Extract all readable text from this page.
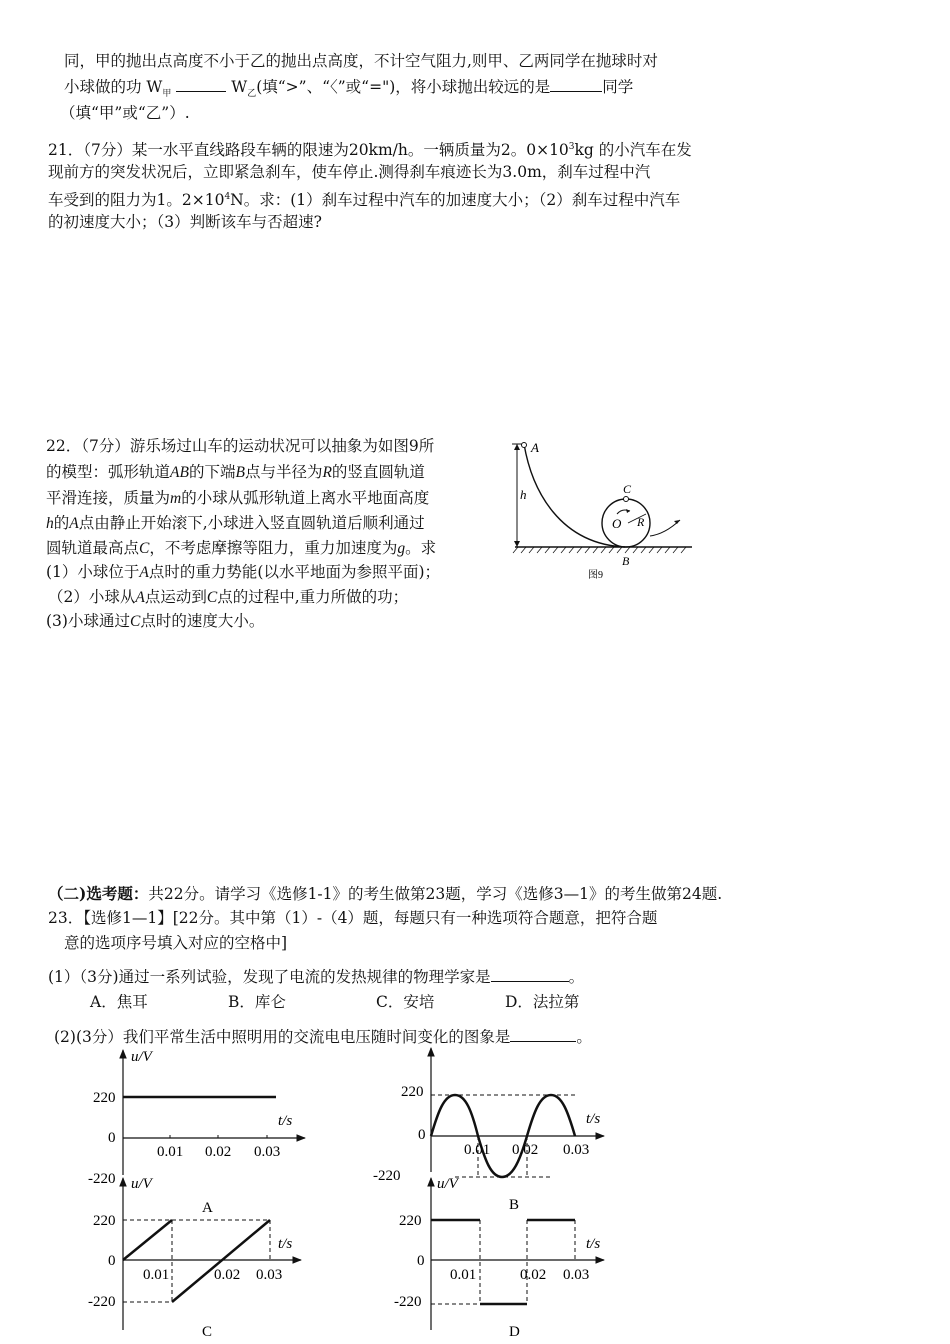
同，甲的抛出点高度不小于乙的抛出点高度，不计空气阻力,则甲、乙两同学在抛球时对
小球做的功 $W_甲$	$W_乙$(填“>”、“〈”或“=")，将小球抛出较远的是	同学
（填“甲”或“乙”）.
21．（7分）某一水平直线路段车辆的限速为20km/h。一辆质量为2。$0\times 10^3kg$ 的小汽车在发
现前方的突发状况后，立即紧急刹车，使车停止.测得刹车痕迹长为3.0m，刹车过程中汽
车受到的阻力为1。$2\times 10^4N$。求：(1）刹车过程中汽车的加速度大小；（2）刹车过程中汽车
的初速度大小；（3）判断该车与否超速?
22．（7分）游乐场过山车的运动状况可以抽象为如图9所
的模型：弧形轨道AB的下端B点与半径为R的竖直圆轨道
平滑连接，质量为m的小球从弧形轨道上离水平地面高度
h的A点由静止开始滚下,小球进入竖直圆轨道后顺利通过
圆轨道最高点C，不考虑摩擦等阻力，重力加速度为g。求
(1）小球位于A点时的重力势能(以水平地面为参照平面)；
（2）小球从A点运动到C点的过程中,重力所做的功；
(3)小球通过C点时的速度大小。
A
h	C
O R
B
图9
（二)选考题：共22分。请学习《选修1-1》的考生做第23题，学习《选修3—1》的考生做第24题.
23．【选修1—1】[22分。其中第（1）-（4）题，每题只有一种选项符合题意，把符合题
意的选项序号填入对应的空格中]
(1）（3分)通过一系列试验，发现了电流的发热规律的物理学家是	。
A．焦耳	B．库仑	C．安培	D．法拉第
(2)(3分）我们平常生活中照明用的交流电电压随时间变化的图象是	。
u/V
t/s
220
0
0.01 0.02 0.03
-220
220
0
t/s
0.01 0.02 0.03
-220
B
u/V
A
220
t/s
0
0.01	0.02 0.03
-220
C
u/V
220
t/s
0
0.01	0.02 0.03
-220
D
